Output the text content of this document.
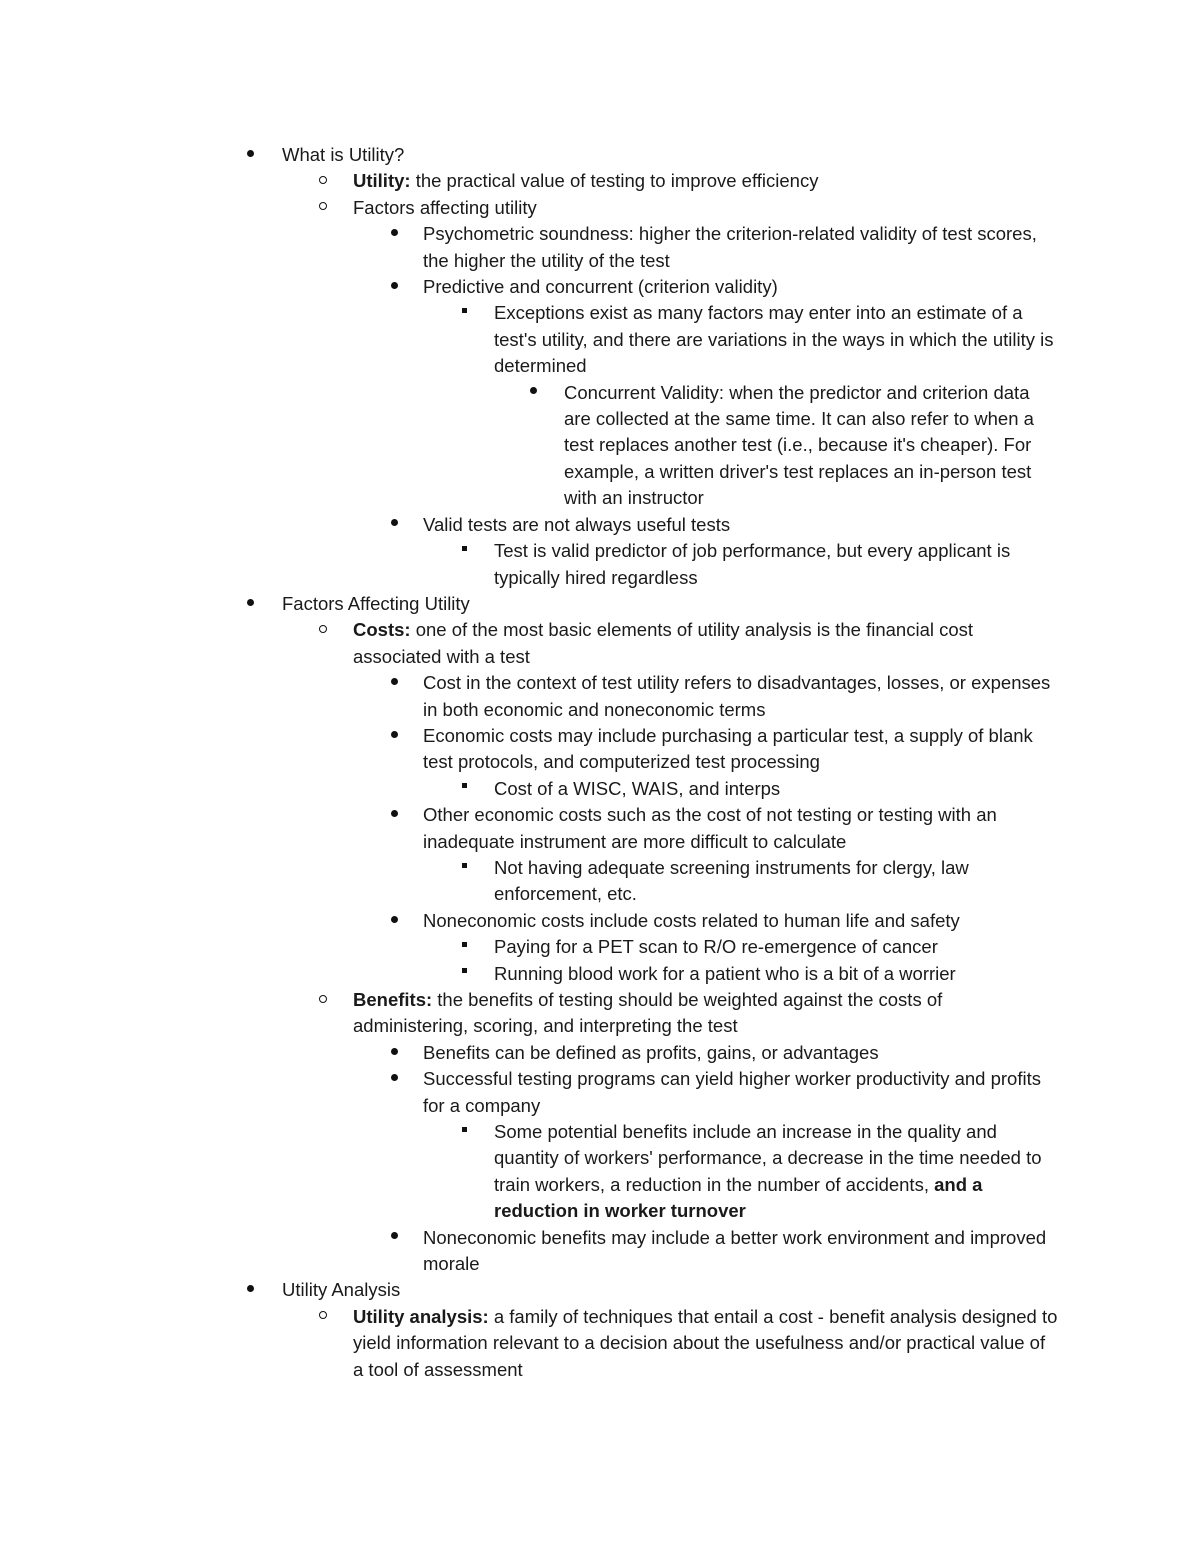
What is Utility?
Utility: the practical value of testing to improve efficiency
Factors affecting utility
Psychometric soundness: higher the criterion-related validity of test scores, the higher the utility of the test
Predictive and concurrent (criterion validity)
Exceptions exist as many factors may enter into an estimate of a test's utility, and there are variations in the ways in which the utility is determined
Concurrent Validity: when the predictor and criterion data are collected at the same time. It can also refer to when a test replaces another test (i.e., because it's cheaper). For example, a written driver's test replaces an in-person test with an instructor
Valid tests are not always useful tests
Test is valid predictor of job performance, but every applicant is typically hired regardless
Factors Affecting Utility
Costs: one of the most basic elements of utility analysis is the financial cost associated with a test
Cost in the context of test utility refers to disadvantages, losses, or expenses in both economic and noneconomic terms
Economic costs may include purchasing a particular test, a supply of blank test protocols, and computerized test processing
Cost of a WISC, WAIS, and interps
Other economic costs such as the cost of not testing or testing with an inadequate instrument are more difficult to calculate
Not having adequate screening instruments for clergy, law enforcement, etc.
Noneconomic costs include costs related to human life and safety
Paying for a PET scan to R/O re-emergence of cancer
Running blood work for a patient who is a bit of a worrier
Benefits: the benefits of testing should be weighted against the costs of administering, scoring, and interpreting the test
Benefits can be defined as profits, gains, or advantages
Successful testing programs can yield higher worker productivity and profits for a company
Some potential benefits include an increase in the quality and quantity of workers' performance, a decrease in the time needed to train workers, a reduction in the number of accidents, and a reduction in worker turnover
Noneconomic benefits may include a better work environment and improved morale
Utility Analysis
Utility analysis: a family of techniques that entail a cost - benefit analysis designed to yield information relevant to a decision about the usefulness and/or practical value of a tool of assessment
